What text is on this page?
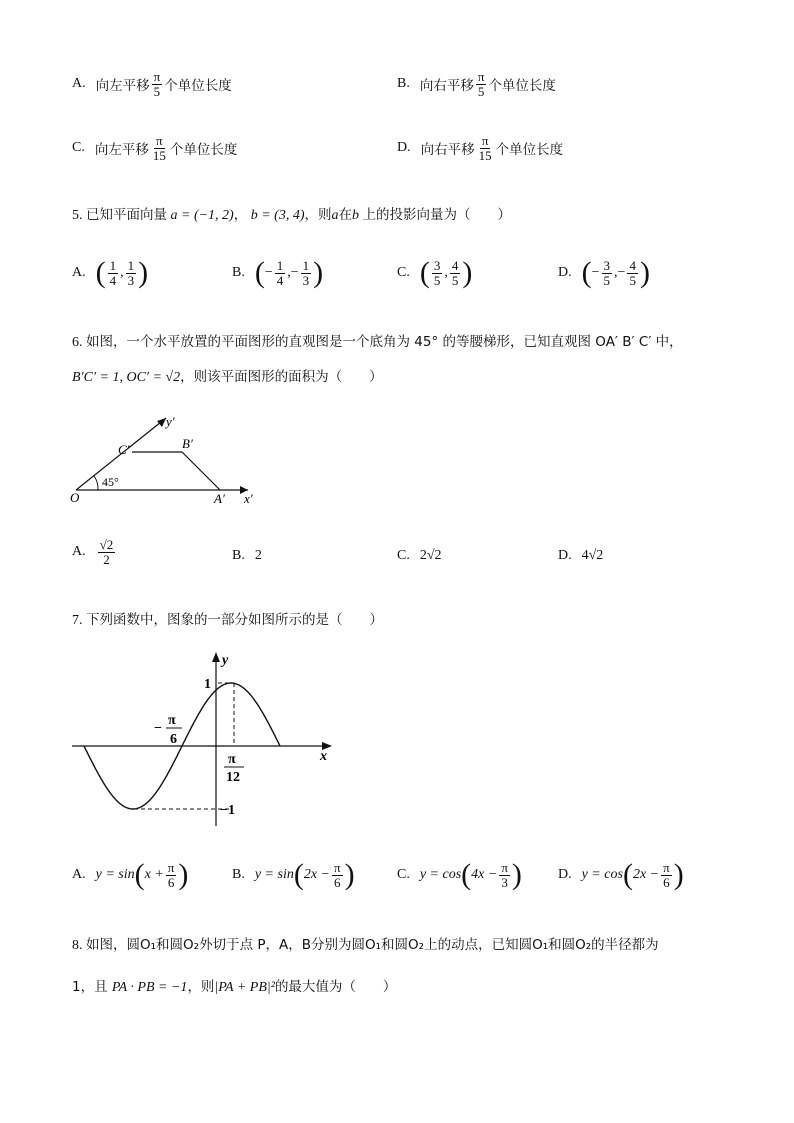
A. 向左平移 $\frac{\pi}{5}$ 个单位长度	B. 向右平移 $\frac{\pi}{5}$ 个单位长度
C. 向左平移 $\frac{\pi}{15}$ 个单位长度	D. 向右平移 $\frac{\pi}{15}$ 个单位长度
5. 已知平面向量 a = (−1, 2)， b = (3, 4)，则a在b 上的投影向量为（　　）
A. ( $\frac{1}{4}$ , $\frac{1}{3}$ )	B. ( − $\frac{1}{4}$ , − $\frac{1}{3}$ )	C. ( $\frac{3}{5}$ , $\frac{4}{5}$ )	D. ( − $\frac{3}{5}$ , − $\frac{4}{5}$ )
6. 如图，一个水平放置的平面图形的直观图是一个底角为 45° 的等腰梯形，已知直观图 OA′ B′ C′ 中，
B′C′ = 1, OC′ = √2，则该平面图形的面积为（　　）
y′
x′
O	A′
B′
C′
45°
A. $\frac{√2}{2}$	B. 2	C. 2√2	D. 4√2
7. 下列函数中，图象的一部分如图所示的是（　　）
y
x
1
−1
−
π
6
π
12
A. y = sin ( $x + \frac{\pi}{6}$ )	B. y = sin ( $2x - \frac{\pi}{6}$ )	C. y = cos ( $4x - \frac{\pi}{3}$ )	D. y = cos ( $2x - \frac{\pi}{6}$ )
8. 如图，圆O₁和圆O₂外切于点 P，A，B分别为圆O₁和圆O₂上的动点，已知圆O₁和圆O₂的半径都为
1，且 PA · PB = −1，则|PA + PB|²的最大值为（　　）
